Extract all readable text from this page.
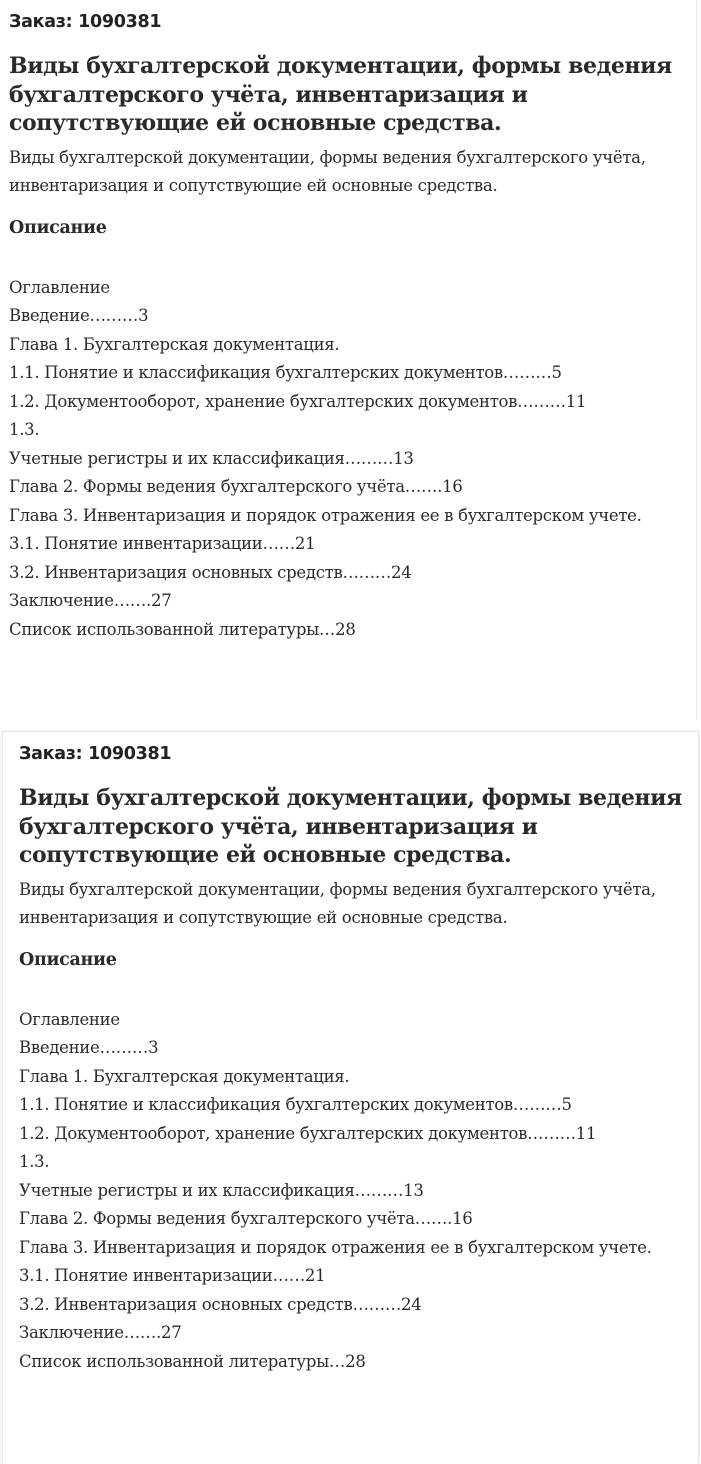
Заказ: 1090381
Виды бухгалтерской документации, формы ведения бухгалтерского учёта, инвентаризация и сопутствующие ей основные средства.
Виды бухгалтерской документации, формы ведения бухгалтерского учёта, инвентаризация и сопутствующие ей основные средства.
Описание
Оглавление
Введение………3
Глава 1. Бухгалтерская документация.
1.1. Понятие и классификация бухгалтерских документов………5
1.2. Документооборот, хранение бухгалтерских документов………11
1.3.
Учетные регистры и их классификация………13
Глава 2. Формы ведения бухгалтерского учёта…….16
Глава 3. Инвентаризация и порядок отражения ее в бухгалтерском учете.
3.1. Понятие инвентаризации……21
3.2. Инвентаризация основных средств………24
Заключение…….27
Список использованной литературы…28
Заказ: 1090381
Виды бухгалтерской документации, формы ведения бухгалтерского учёта, инвентаризация и сопутствующие ей основные средства.
Виды бухгалтерской документации, формы ведения бухгалтерского учёта, инвентаризация и сопутствующие ей основные средства.
Описание
Оглавление
Введение………3
Глава 1. Бухгалтерская документация.
1.1. Понятие и классификация бухгалтерских документов………5
1.2. Документооборот, хранение бухгалтерских документов………11
1.3.
Учетные регистры и их классификация………13
Глава 2. Формы ведения бухгалтерского учёта…….16
Глава 3. Инвентаризация и порядок отражения ее в бухгалтерском учете.
3.1. Понятие инвентаризации……21
3.2. Инвентаризация основных средств………24
Заключение…….27
Список использованной литературы…28
